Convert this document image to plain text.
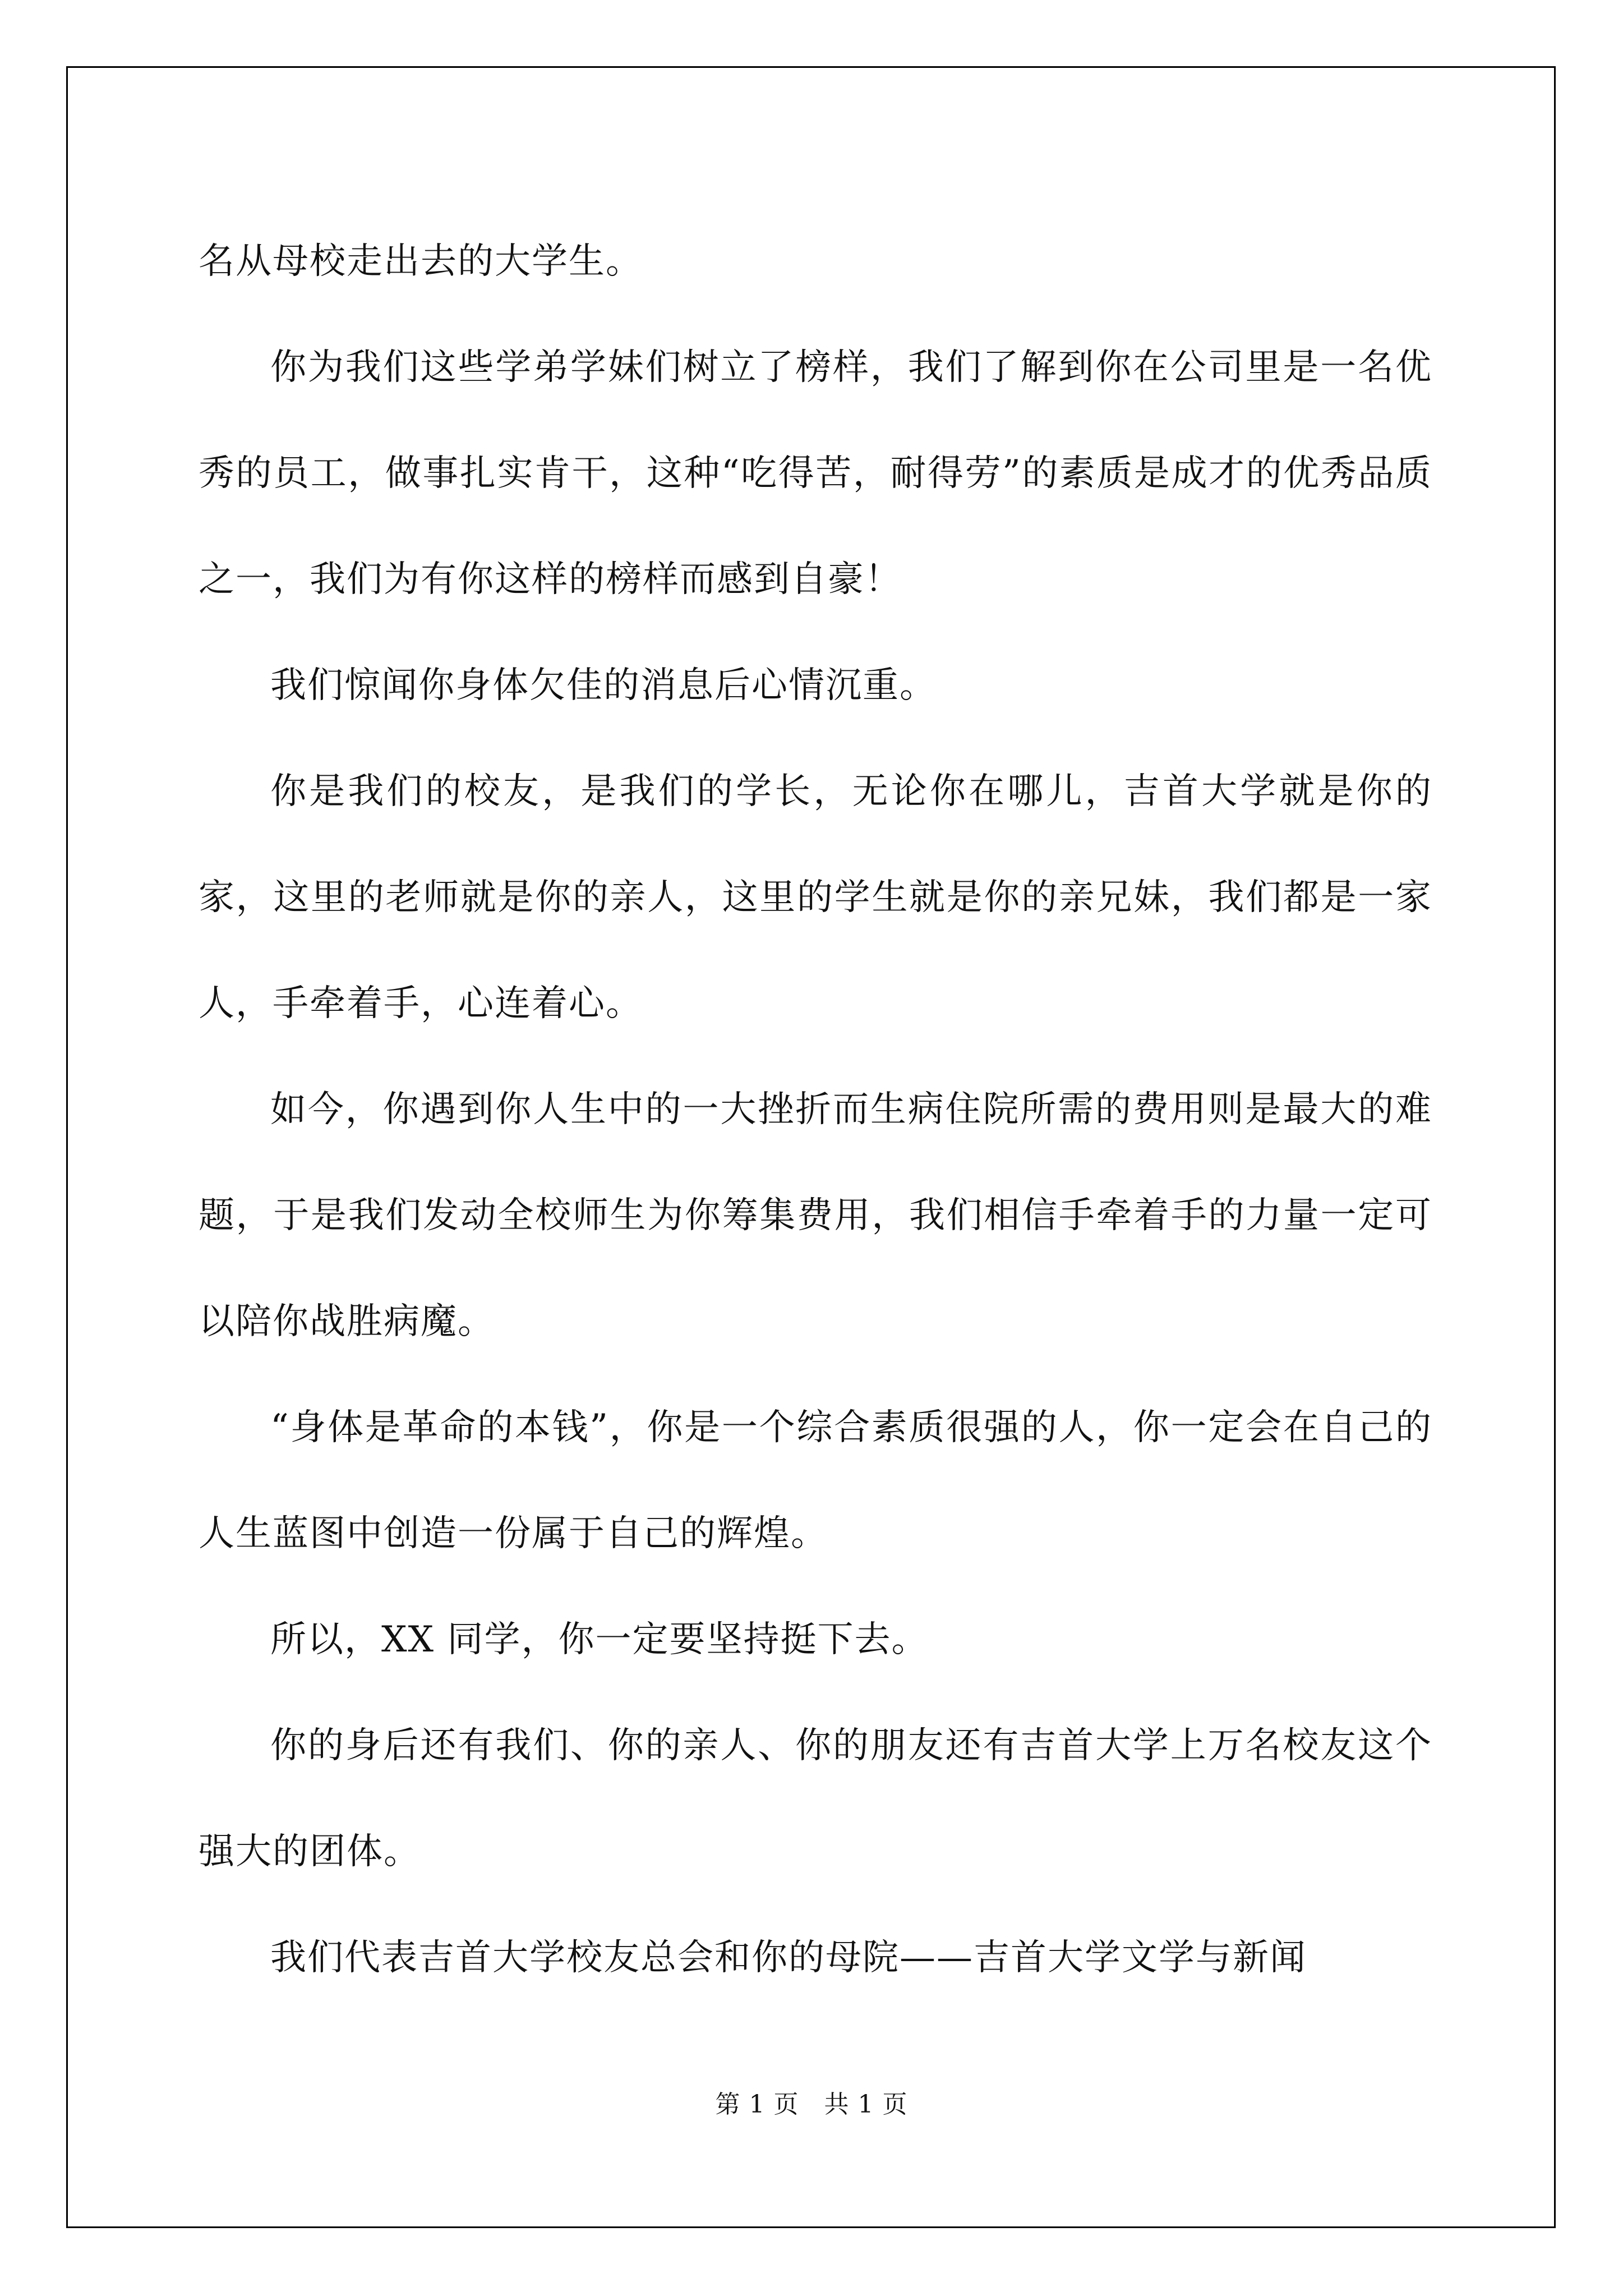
名从母校走出去的大学生。

你为我们这些学弟学妹们树立了榜样，我们了解到你在公司里是一名优秀的员工，做事扎实肯干，这种“吃得苦，耐得劳”的素质是成才的优秀品质之一，我们为有你这样的榜样而感到自豪！

我们惊闻你身体欠佳的消息后心情沉重。

你是我们的校友，是我们的学长，无论你在哪儿，吉首大学就是你的家，这里的老师就是你的亲人，这里的学生就是你的亲兄妹，我们都是一家人，手牵着手，心连着心。

如今，你遇到你人生中的一大挫折而生病住院所需的费用则是最大的难题，于是我们发动全校师生为你筹集费用，我们相信手牵着手的力量一定可以陪你战胜病魔。

“身体是革命的本钱”，你是一个综合素质很强的人，你一定会在自己的人生蓝图中创造一份属于自己的辉煌。

所以，XX 同学，你一定要坚持挺下去。

你的身后还有我们、你的亲人、你的朋友还有吉首大学上万名校友这个强大的团体。

我们代表吉首大学校友总会和你的母院——吉首大学文学与新闻

第 1 页　共 1 页
